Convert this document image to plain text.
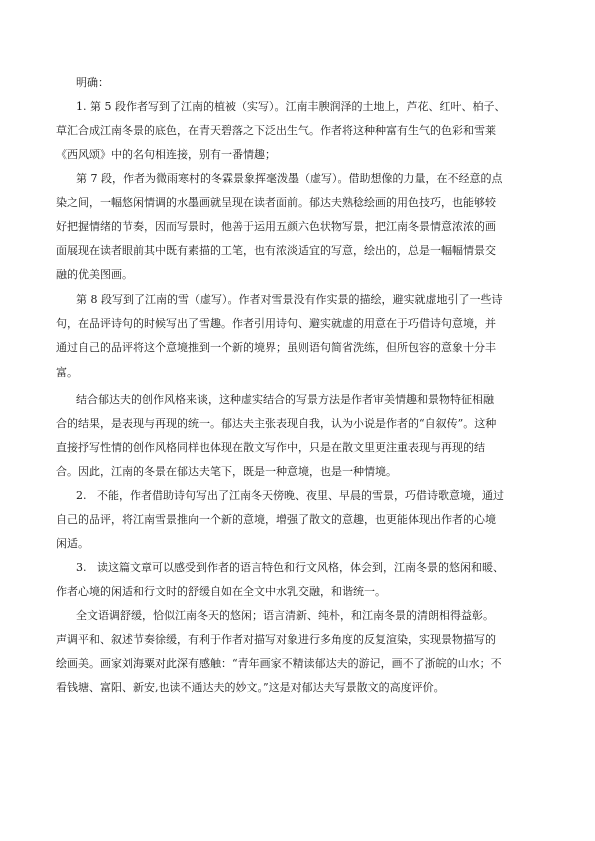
明确：
1. 第 5 段作者写到了江南的植被（实写）。江南丰腴润泽的土地上，芦花、红叶、柏子、
草汇合成江南冬景的底色，在青天碧落之下泛出生气。作者将这种种富有生气的色彩和雪莱
《西风颂》中的名句相连接，别有一番情趣；
第 7 段，作者为微雨寒村的冬霖景象挥毫泼墨（虚写）。借助想像的力量，在不经意的点
染之间，一幅悠闲情调的水墨画就呈现在读者面前。郁达夫熟稔绘画的用色技巧，也能够较
好把握情绪的节奏，因而写景时，他善于运用五颜六色状物写景，把江南冬景情意浓浓的画
面展现在读者眼前其中既有素描的工笔，也有浓淡适宜的写意，绘出的，总是一幅幅情景交
融的优美图画。
第 8 段写到了江南的雪（虚写）。作者对雪景没有作实景的描绘，避实就虚地引了一些诗
句，在品评诗句的时候写出了雪趣。作者引用诗句、避实就虚的用意在于巧借诗句意境，并
通过自己的品评将这个意境推到一个新的境界；虽则语句简省洗练，但所包容的意象十分丰
富。
结合郁达夫的创作风格来谈，这种虚实结合的写景方法是作者审美情趣和景物特征相融
合的结果，是表现与再现的统一。郁达夫主张表现自我，认为小说是作者的“自叙传”。这种
直接抒写性情的创作风格同样也体现在散文写作中，只是在散文里更注重表现与再现的结
合。因此，江南的冬景在郁达夫笔下，既是一种意境，也是一种情境。
2.   不能，作者借助诗句写出了江南冬天傍晚、夜里、早晨的雪景，巧借诗歌意境，通过
自己的品评，将江南雪景推向一个新的意境，增强了散文的意趣，也更能体现出作者的心境
闲适。
3.   读这篇文章可以感受到作者的语言特色和行文风格，体会到，江南冬景的悠闲和暖、
作者心境的闲适和行文时的舒缓自如在全文中水乳交融，和谐统一。
全文语调舒缓，恰似江南冬天的悠闲；语言清新、纯朴，和江南冬景的清朗相得益彰。
声调平和、叙述节奏徐缓，有利于作者对描写对象进行多角度的反复渲染，实现景物描写的
绘画美。画家刘海粟对此深有感触：“青年画家不精读郁达夫的游记，画不了浙皖的山水；不
看钱塘、富阳、新安,也读不通达夫的妙文。”这是对郁达夫写景散文的高度评价。
